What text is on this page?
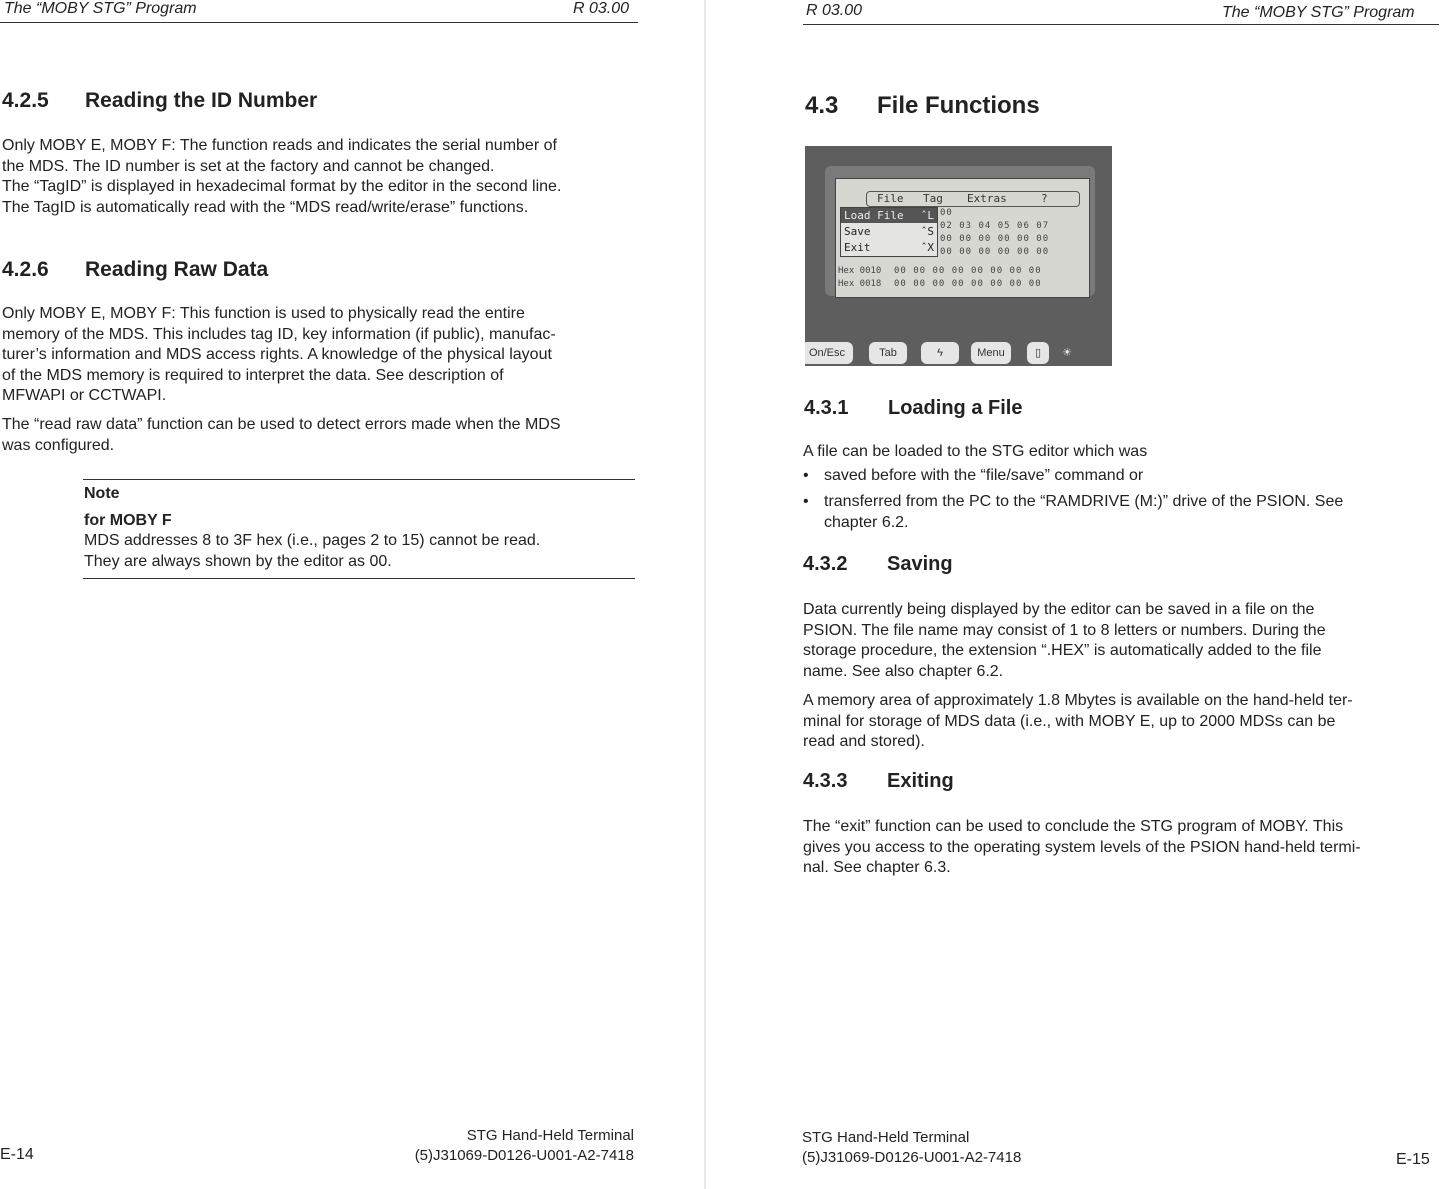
The “MOBY STG” Program	R 03.00
4.2.5 Reading the ID Number

Only MOBY E, MOBY F: The function reads and indicates the serial number of

the MDS. The ID number is set at the factory and cannot be changed.

The “TagID” is displayed in hexadecimal format by the editor in the second line.

The TagID is automatically read with the “MDS read/write/erase” functions.

4.2.6 Reading Raw Data

Only MOBY E, MOBY F: This function is used to physically read the entire

memory of the MDS. This includes tag ID, key information (if public), manufac-

turer’s information and MDS access rights. A knowledge of the physical layout

of the MDS memory is required to interpret the data. See description of

MFWAPI or CCTWAPI.

The “read raw data” function can be used to detect errors made when the MDS

was configured.

Note

for MOBY F

MDS addresses 8 to 3F hex (i.e., pages 2 to 15) cannot be read.

They are always shown by the editor as 00.

E-14
STG Hand-Held Terminal
(5)J31069-D0126-U001-A2-7418
R 03.00	The “MOBY STG” Program
4.3 File Functions
File Tag Extras	?
00
02 03 04 05 06 07
00 00 00 00 00 00
00 00 00 00 00 00
Hex 0010 00 00 00 00 00 00 00 00
Hex 0018 00 00 00 00 00 00 00 00
Load File ˆL
Save	ˆS
Exit	ˆX
On/Esc	Tab	ϟ	Menu	▯	☀
4.3.1 Loading a File

A file can be loaded to the STG editor which was

• saved before with the “file/save” command or
• transferred from the PC to the “RAMDRIVE (M:)” drive of the PSION. See
chapter 6.2.
4.3.2 Saving

Data currently being displayed by the editor can be saved in a file on the

PSION. The file name may consist of 1 to 8 letters or numbers. During the

storage procedure, the extension “.HEX” is automatically added to the file

name. See also chapter 6.2.

A memory area of approximately 1.8 Mbytes is available on the hand-held ter-

minal for storage of MDS data (i.e., with MOBY E, up to 2000 MDSs can be

read and stored).

4.3.3 Exiting

The “exit” function can be used to conclude the STG program of MOBY. This

gives you access to the operating system levels of the PSION hand-held termi-

nal. See chapter 6.3.

STG Hand-Held Terminal
(5)J31069-D0126-U001-A2-7418	E-15
